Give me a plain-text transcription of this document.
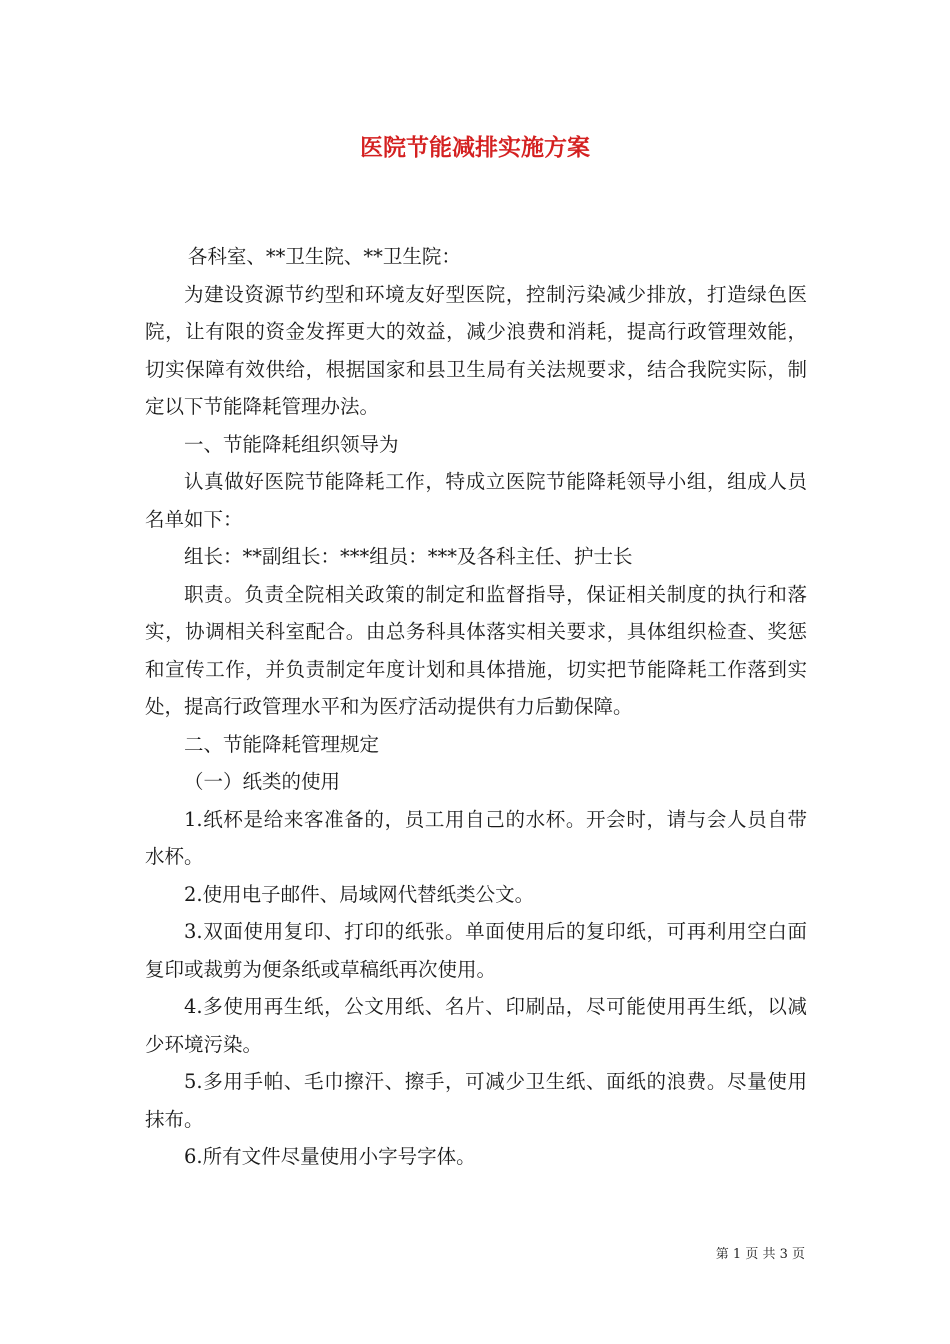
医院节能减排实施方案

各科室、**卫生院、**卫生院：

为建设资源节约型和环境友好型医院，控制污染减少排放，打造绿色医院，让有限的资金发挥更大的效益，减少浪费和消耗，提高行政管理效能，切实保障有效供给，根据国家和县卫生局有关法规要求，结合我院实际，制定以下节能降耗管理办法。

一、节能降耗组织领导为

认真做好医院节能降耗工作，特成立医院节能降耗领导小组，组成人员名单如下：

组长：**副组长：***组员：***及各科主任、护士长

职责。负责全院相关政策的制定和监督指导，保证相关制度的执行和落实，协调相关科室配合。由总务科具体落实相关要求，具体组织检查、奖惩和宣传工作，并负责制定年度计划和具体措施，切实把节能降耗工作落到实处，提高行政管理水平和为医疗活动提供有力后勤保障。

二、节能降耗管理规定

（一）纸类的使用

1.纸杯是给来客准备的，员工用自己的水杯。开会时，请与会人员自带水杯。

2.使用电子邮件、局域网代替纸类公文。

3.双面使用复印、打印的纸张。单面使用后的复印纸，可再利用空白面复印或裁剪为便条纸或草稿纸再次使用。

4.多使用再生纸，公文用纸、名片、印刷品，尽可能使用再生纸，以减少环境污染。

5.多用手帕、毛巾擦汗、擦手，可减少卫生纸、面纸的浪费。尽量使用抹布。

6.所有文件尽量使用小字号字体。

第 1 页 共 3 页
